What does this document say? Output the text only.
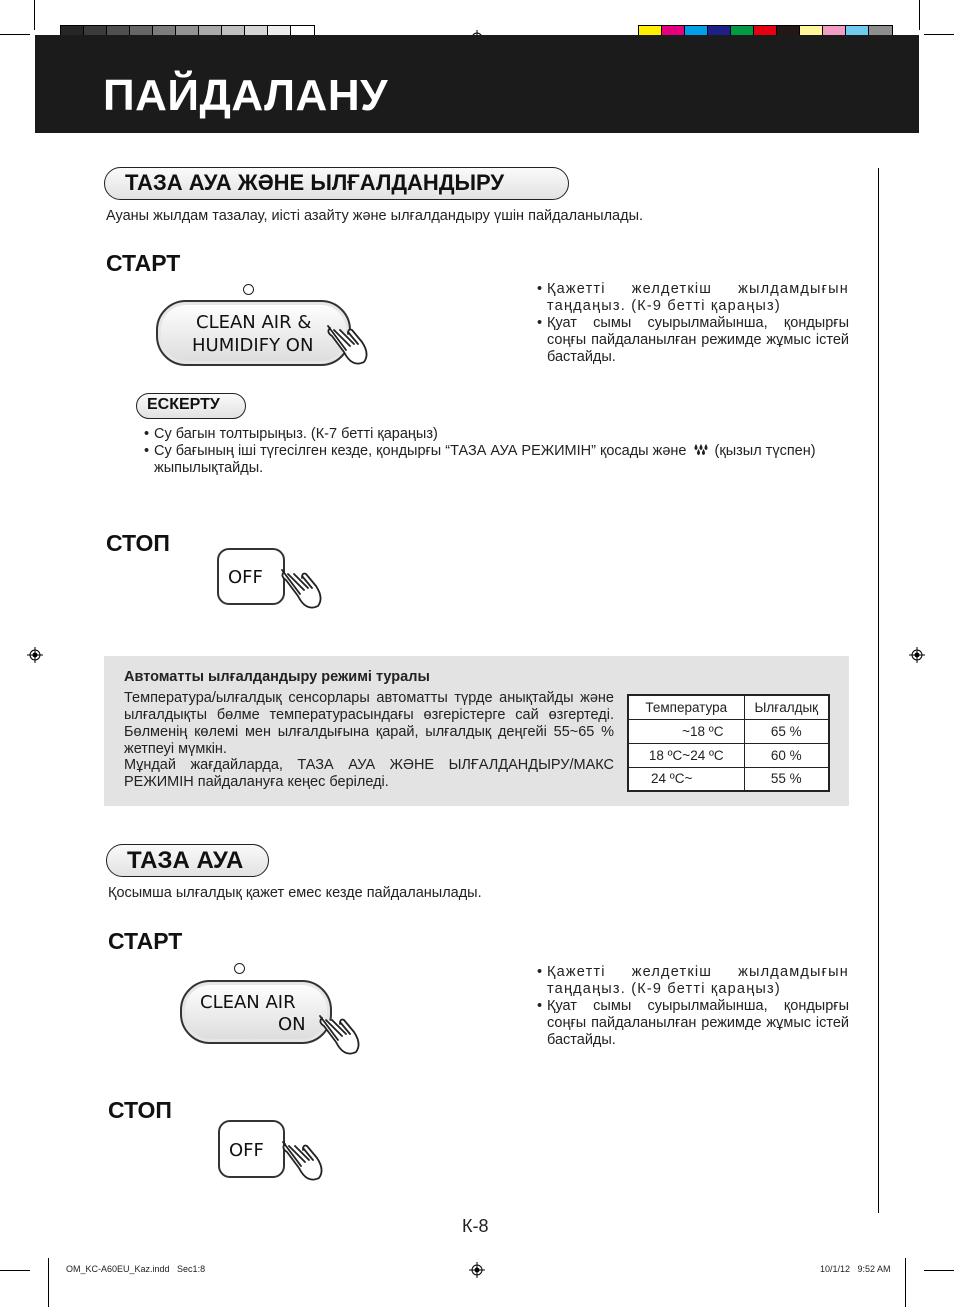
ПАЙДАЛАНУ
ТАЗА АУА ЖӘНЕ ЫЛҒАЛДАНДЫРУ
Ауаны жылдам тазалау, иісті азайту және ылғалдандыру үшін пайдаланылады.
СТАРТ
CLEAN AIR &
HUMIDIFY ON
• Қажетті желдеткіш жылдамдығын таңдаңыз. (К-9 бетті қараңыз)
• Қуат сымы суырылмайынша, қондырғы соңғы пайдаланылған режимде жұмыс істей бастайды.
ЕСКЕРТУ
• Су багын толтырыңыз. (К-7 бетті қараңыз)
• Су бағының іші түгесілген кезде, қондырғы “ТАЗА АУА РЕЖИМІН” қосады және (қызыл түспен) жыпылықтайды.
СТОП
OFF
Автоматты ылғалдандыру режимі туралы
Температура/ылғалдық сенсорлары автоматты түрде анықтайды және ылғалдықты бөлме температурасындағы өзгерістерге сай өзгертеді. Бөлменің көлемі мен ылғалдығына қарай, ылғалдық деңгейі 55~65 % жетпеуі мүмкін.
Мұндай жағдайларда, ТАЗА АУА ЖӘНЕ ЫЛҒАЛДАНДЫРУ/МАКС РЕЖИМІН пайдалануға кеңес беріледі.
Температура	Ылғалдық
~18 ºC	65 %
18 ºC~24 ºC	60 %
24 ºC~	55 %
ТАЗА АУА
Қосымша ылғалдық қажет емес кезде пайдаланылады.
СТАРТ
CLEAN AIR
ON
• Қажетті желдеткіш жылдамдығын таңдаңыз. (К-9 бетті қараңыз)
• Қуат сымы суырылмайынша, қондырғы соңғы пайдаланылған режимде жұмыс істей бастайды.
СТОП
OFF
К-8
OM_KC-A60EU_Kaz.indd   Sec1:8	10/1/12   9:52 AM
